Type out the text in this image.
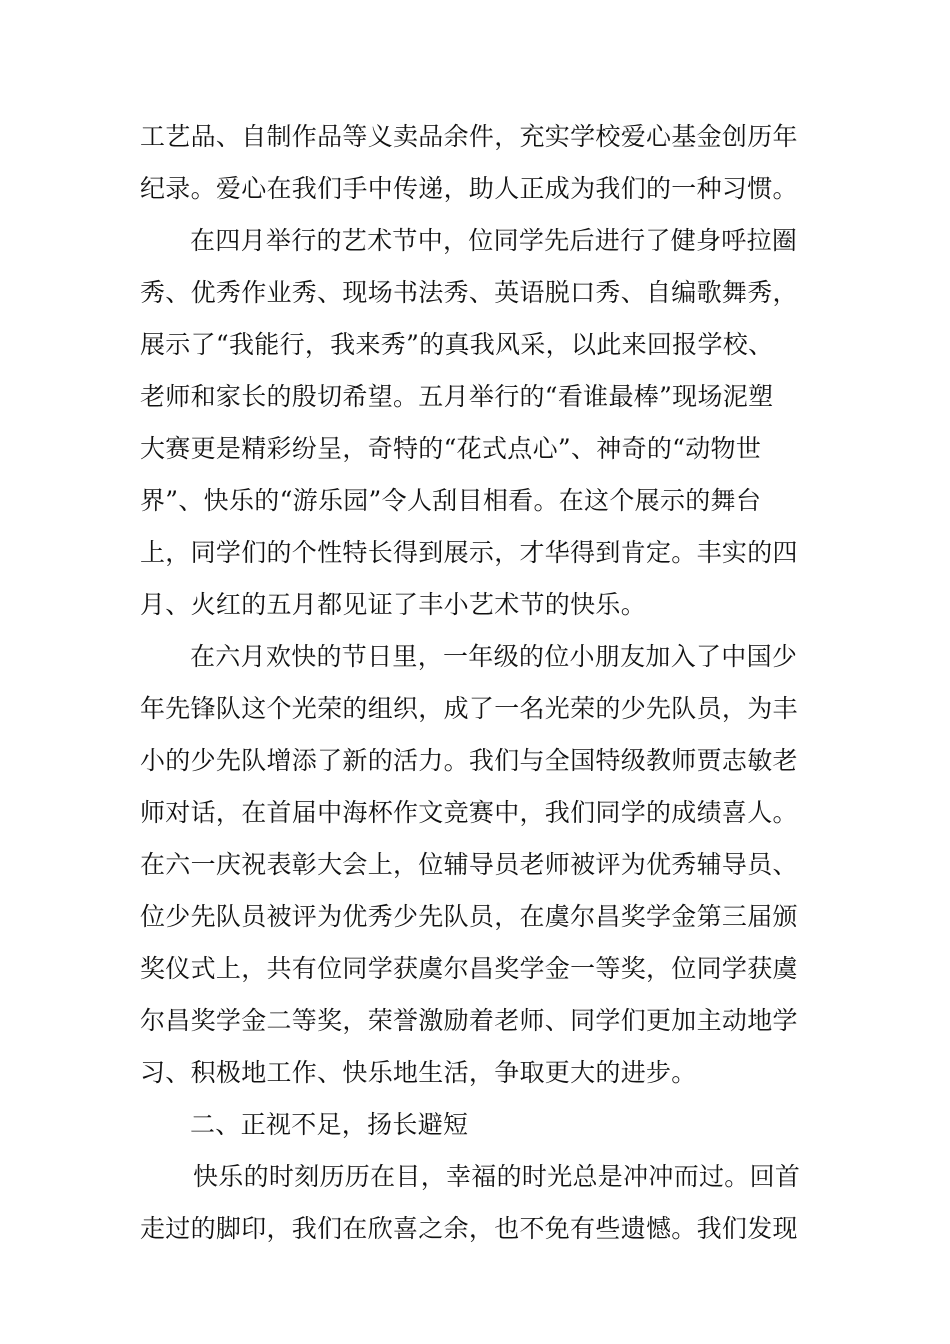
工艺品、自制作品等义卖品余件，充实学校爱心基金创历年
纪录。爱心在我们手中传递，助人正成为我们的一种习惯。
在四月举行的艺术节中，位同学先后进行了健身呼拉圈
秀、优秀作业秀、现场书法秀、英语脱口秀、自编歌舞秀，
展示了“我能行，我来秀”的真我风采，以此来回报学校、
老师和家长的殷切希望。五月举行的“看谁最棒”现场泥塑
大赛更是精彩纷呈，奇特的“花式点心”、神奇的“动物世
界”、快乐的“游乐园”令人刮目相看。在这个展示的舞台
上，同学们的个性特长得到展示，才华得到肯定。丰实的四
月、火红的五月都见证了丰小艺术节的快乐。
在六月欢快的节日里，一年级的位小朋友加入了中国少
年先锋队这个光荣的组织，成了一名光荣的少先队员，为丰
小的少先队增添了新的活力。我们与全国特级教师贾志敏老
师对话，在首届中海杯作文竞赛中，我们同学的成绩喜人。
在六一庆祝表彰大会上，位辅导员老师被评为优秀辅导员、
位少先队员被评为优秀少先队员，在虞尔昌奖学金第三届颁
奖仪式上，共有位同学获虞尔昌奖学金一等奖，位同学获虞
尔昌奖学金二等奖，荣誉激励着老师、同学们更加主动地学
习、积极地工作、快乐地生活，争取更大的进步。
二、正视不足，扬长避短
快乐的时刻历历在目，幸福的时光总是冲冲而过。回首
走过的脚印，我们在欣喜之余，也不免有些遗憾。我们发现
